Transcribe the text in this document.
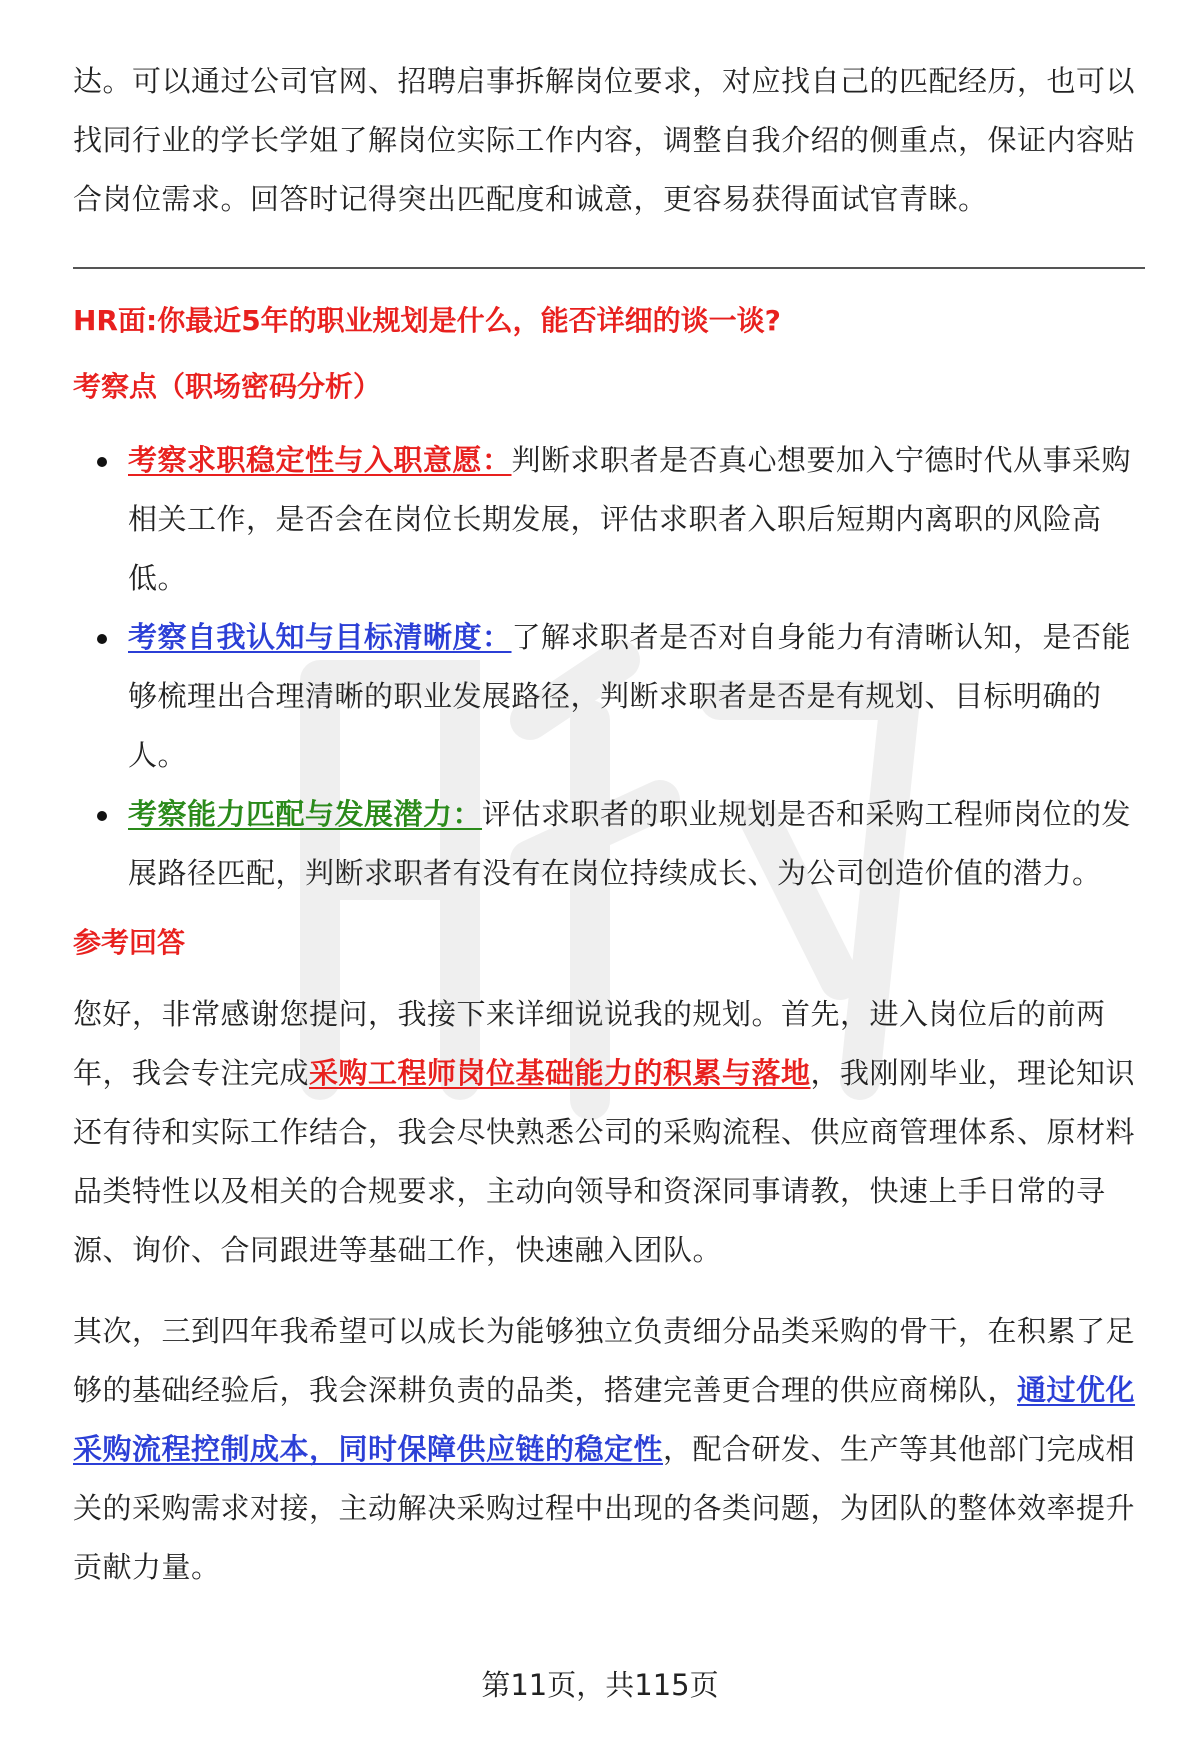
达。可以通过公司官网、招聘启事拆解岗位要求，对应找自己的匹配经历，也可以找同行业的学长学姐了解岗位实际工作内容，调整自我介绍的侧重点，保证内容贴合岗位需求。回答时记得突出匹配度和诚意，更容易获得面试官青睐。

HR面:你最近5年的职业规划是什么，能否详细的谈一谈?
考察点（职场密码分析）
考察求职稳定性与入职意愿：判断求职者是否真心想要加入宁德时代从事采购相关工作，是否会在岗位长期发展，评估求职者入职后短期内离职的风险高低。
考察自我认知与目标清晰度：了解求职者是否对自身能力有清晰认知，是否能够梳理出合理清晰的职业发展路径，判断求职者是否是有规划、目标明确的人。
考察能力匹配与发展潜力：评估求职者的职业规划是否和采购工程师岗位的发展路径匹配，判断求职者有没有在岗位持续成长、为公司创造价值的潜力。
参考回答

您好，非常感谢您提问，我接下来详细说说我的规划。首先，进入岗位后的前两年，我会专注完成采购工程师岗位基础能力的积累与落地，我刚刚毕业，理论知识还有待和实际工作结合，我会尽快熟悉公司的采购流程、供应商管理体系、原材料品类特性以及相关的合规要求，主动向领导和资深同事请教，快速上手日常的寻源、询价、合同跟进等基础工作，快速融入团队。

其次，三到四年我希望可以成长为能够独立负责细分品类采购的骨干，在积累了足够的基础经验后，我会深耕负责的品类，搭建完善更合理的供应商梯队，通过优化采购流程控制成本，同时保障供应链的稳定性，配合研发、生产等其他部门完成相关的采购需求对接，主动解决采购过程中出现的各类问题，为团队的整体效率提升贡献力量。

第11页，共115页
